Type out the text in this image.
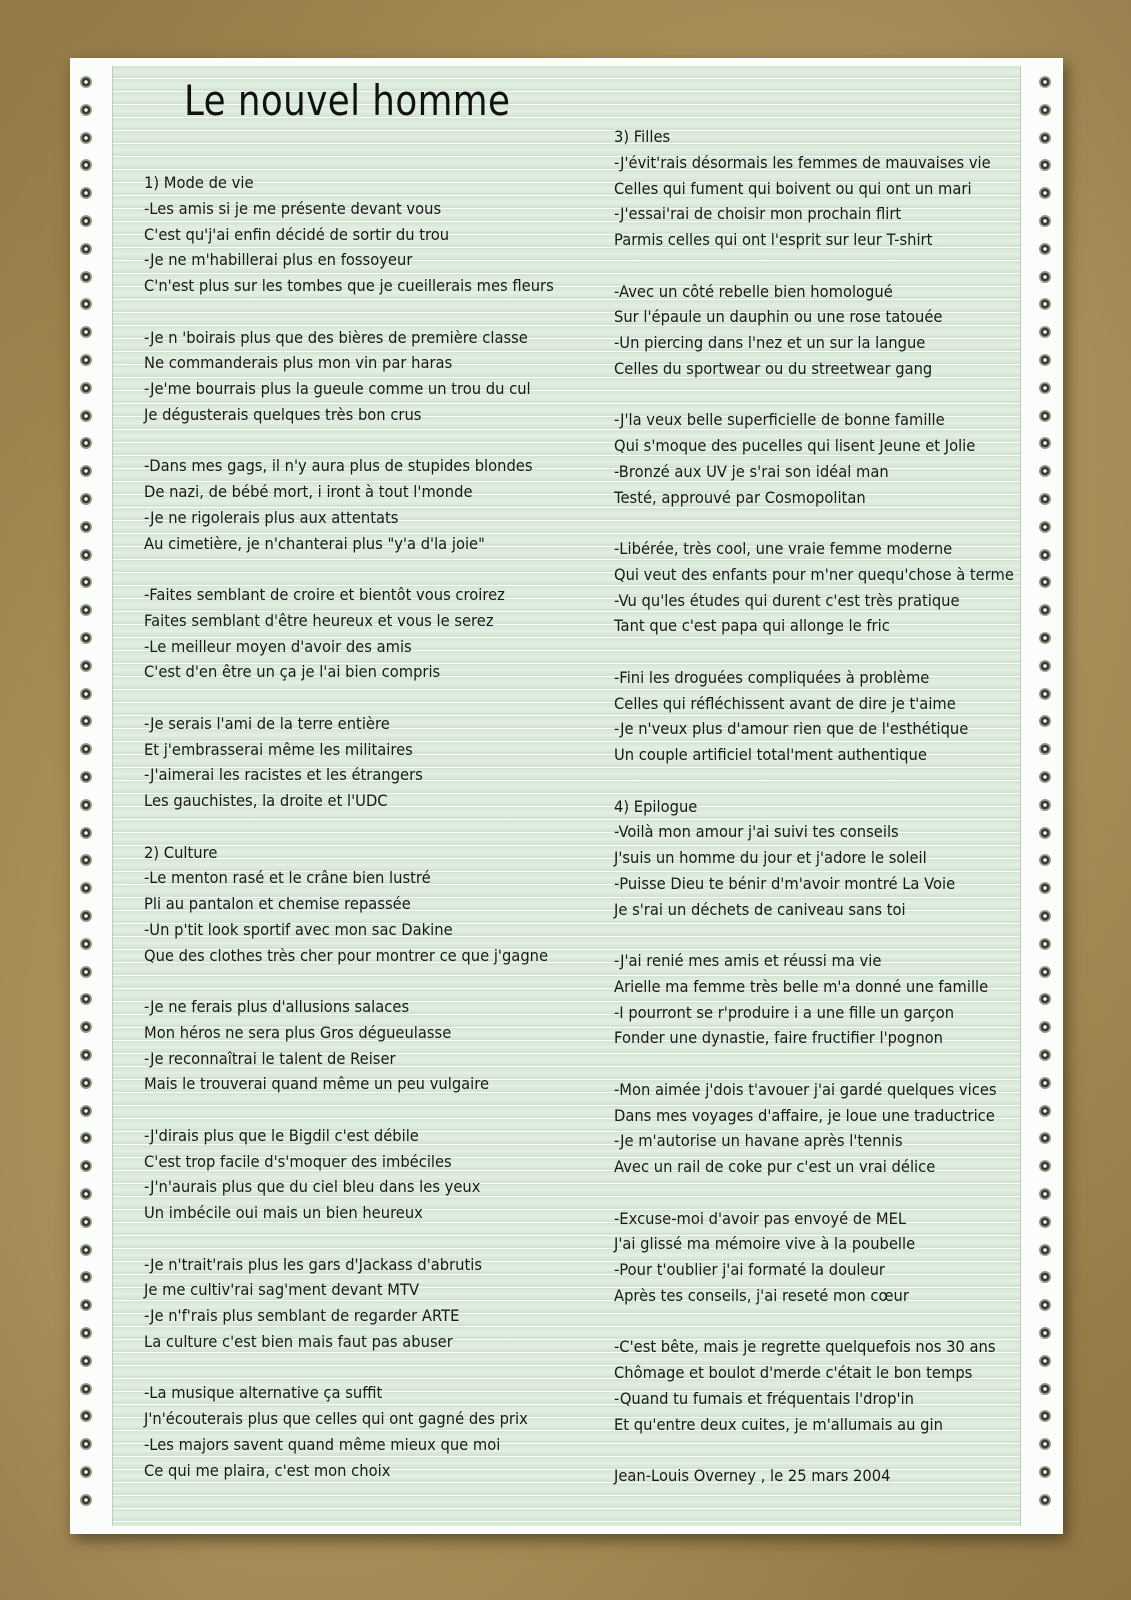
Le nouvel homme
1) Mode de vie
-Les amis si je me présente devant vous
C'est qu'j'ai enfin décidé de sortir du trou
-Je ne m'habillerai plus en fossoyeur
C'n'est plus sur les tombes que je cueillerais mes fleurs
-Je n 'boirais plus que des bières de première classe
Ne commanderais plus mon vin par haras
-Je'me bourrais plus la gueule comme un trou du cul
Je dégusterais quelques très bon crus
-Dans mes gags, il n'y aura plus de stupides blondes
De nazi, de bébé mort, i iront à tout l'monde
-Je ne rigolerais plus aux attentats
Au cimetière, je n'chanterai plus "y'a d'la joie"
-Faites semblant de croire et bientôt vous croirez
Faites semblant d'être heureux et vous le serez
-Le meilleur moyen d'avoir des amis
C'est d'en être un ça je l'ai bien compris
-Je serais l'ami de la terre entière
Et j'embrasserai même les militaires
-J'aimerai les racistes et les étrangers
Les gauchistes, la droite et l'UDC
2) Culture
-Le menton rasé et le crâne bien lustré
Pli au pantalon et chemise repassée
-Un p'tit look sportif avec mon sac Dakine
Que des clothes très cher pour montrer ce que j'gagne
-Je ne ferais plus d'allusions salaces
Mon héros ne sera plus Gros dégueulasse
-Je reconnaîtrai le talent de Reiser
Mais le trouverai quand même un peu vulgaire
-J'dirais plus que le Bigdil c'est débile
C'est trop facile d's'moquer des imbéciles
-J'n'aurais plus que du ciel bleu dans les yeux
Un imbécile oui mais un bien heureux
-Je n'trait'rais plus les gars d'Jackass d'abrutis
Je me cultiv'rai sag'ment devant MTV
-Je n'f'rais plus semblant de regarder ARTE
La culture c'est bien mais faut pas abuser
-La musique alternative ça suffit
J'n'écouterais plus que celles qui ont gagné des prix
-Les majors savent quand même mieux que moi
Ce qui me plaira, c'est mon choix
3) Filles
-J'évit'rais désormais les femmes de mauvaises vie
Celles qui fument qui boivent ou qui ont un mari
-J'essai'rai de choisir mon prochain flirt
Parmis celles qui ont l'esprit sur leur T-shirt
-Avec un côté rebelle bien homologué
Sur l'épaule un dauphin ou une rose tatouée
-Un piercing dans l'nez et un sur la langue
Celles du sportwear ou du streetwear gang
-J'la veux belle superficielle de bonne famille
Qui s'moque des pucelles qui lisent Jeune et Jolie
-Bronzé aux UV je s'rai son idéal man
Testé, approuvé par Cosmopolitan
-Libérée, très cool, une vraie femme moderne
Qui veut des enfants pour m'ner quequ'chose à terme
-Vu qu'les études qui durent c'est très pratique
Tant que c'est papa qui allonge le fric
-Fini les droguées compliquées à problème
Celles qui réfléchissent avant de dire je t'aime
-Je n'veux plus d'amour rien que de l'esthétique
Un couple artificiel total'ment authentique
4) Epilogue
-Voilà mon amour j'ai suivi tes conseils
J'suis un homme du jour et j'adore le soleil
-Puisse Dieu te bénir d'm'avoir montré La Voie
Je s'rai un déchets de caniveau sans toi
-J'ai renié mes amis et réussi ma vie
Arielle ma femme très belle m'a donné une famille
-I pourront se r'produire i a une fille un garçon
Fonder une dynastie, faire fructifier l'pognon
-Mon aimée j'dois t'avouer j'ai gardé quelques vices
Dans mes voyages d'affaire, je loue une traductrice
-Je m'autorise un havane après l'tennis
Avec un rail de coke pur c'est un vrai délice
-Excuse-moi d'avoir pas envoyé de MEL
J'ai glissé ma mémoire vive à la poubelle
-Pour t'oublier j'ai formaté la douleur
Après tes conseils, j'ai reseté mon cœur
-C'est bête, mais je regrette quelquefois nos 30 ans
Chômage et boulot d'merde c'était le bon temps
-Quand tu fumais et fréquentais l'drop'in
Et qu'entre deux cuites, je m'allumais au gin
Jean-Louis Overney , le 25 mars 2004
